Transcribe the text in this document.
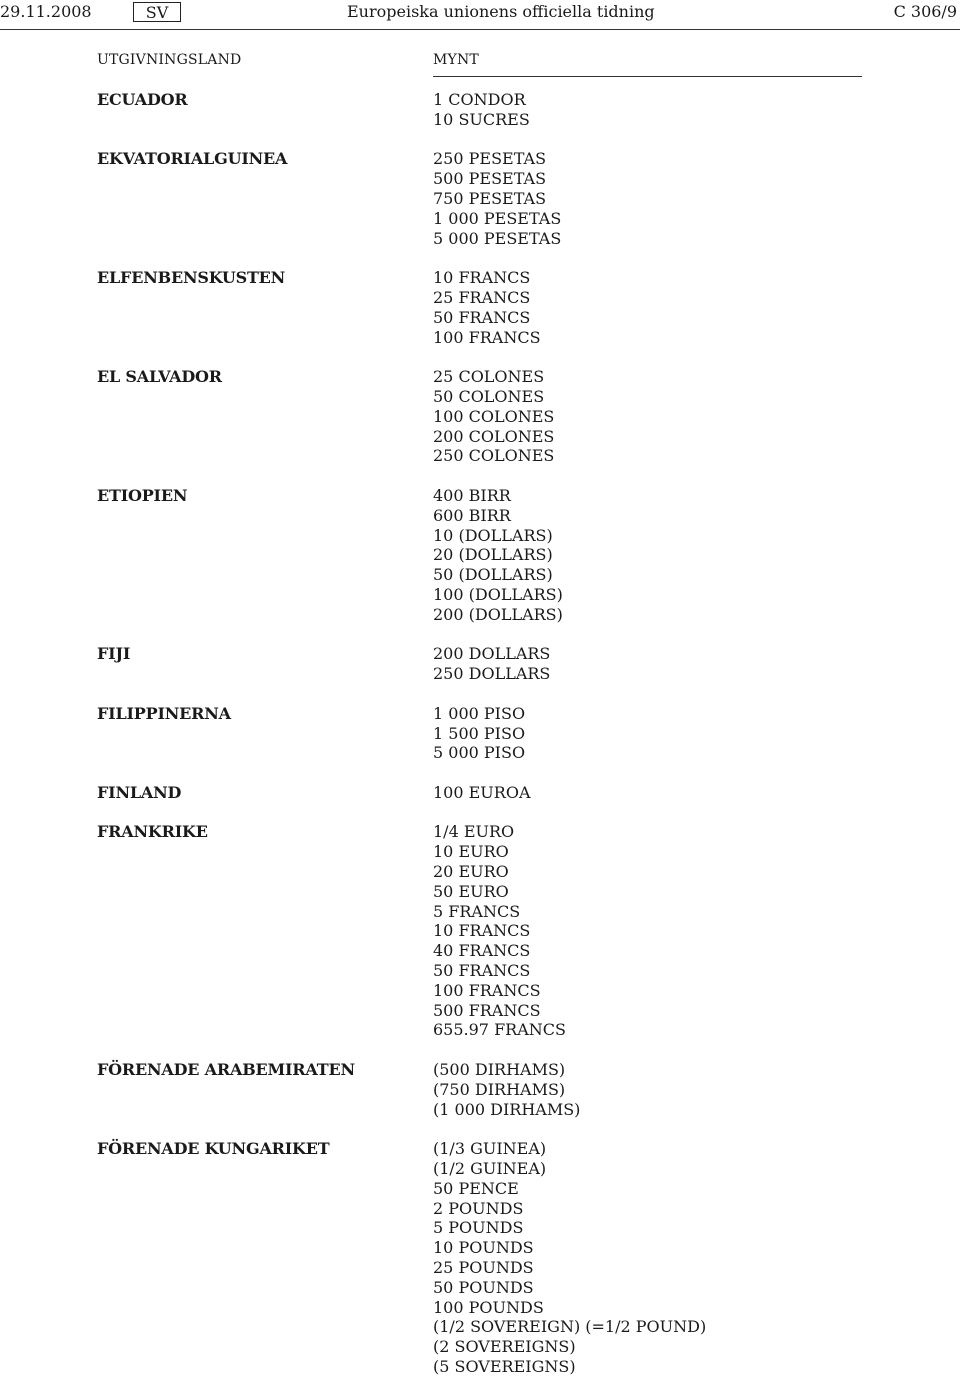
29.11.2008	SV	Europeiska unionens officiella tidning	C 306/9
UTGIVNINGSLAND	MYNT
ECUADOR	1 CONDOR
10 SUCRES
EKVATORIALGUINEA	250 PESETAS
500 PESETAS
750 PESETAS
1 000 PESETAS
5 000 PESETAS
ELFENBENSKUSTEN	10 FRANCS
25 FRANCS
50 FRANCS
100 FRANCS
EL SALVADOR	25 COLONES
50 COLONES
100 COLONES
200 COLONES
250 COLONES
ETIOPIEN	400 BIRR
600 BIRR
10 (DOLLARS)
20 (DOLLARS)
50 (DOLLARS)
100 (DOLLARS)
200 (DOLLARS)
FIJI	200 DOLLARS
250 DOLLARS
FILIPPINERNA	1 000 PISO
1 500 PISO
5 000 PISO
FINLAND	100 EUROA
FRANKRIKE	1/4 EURO
10 EURO
20 EURO
50 EURO
5 FRANCS
10 FRANCS
40 FRANCS
50 FRANCS
100 FRANCS
500 FRANCS
655.97 FRANCS
FÖRENADE ARABEMIRATEN	(500 DIRHAMS)
(750 DIRHAMS)
(1 000 DIRHAMS)
FÖRENADE KUNGARIKET	(1/3 GUINEA)
(1/2 GUINEA)
50 PENCE
2 POUNDS
5 POUNDS
10 POUNDS
25 POUNDS
50 POUNDS
100 POUNDS
(1/2 SOVEREIGN) (=1/2 POUND)
(2 SOVEREIGNS)
(5 SOVEREIGNS)
